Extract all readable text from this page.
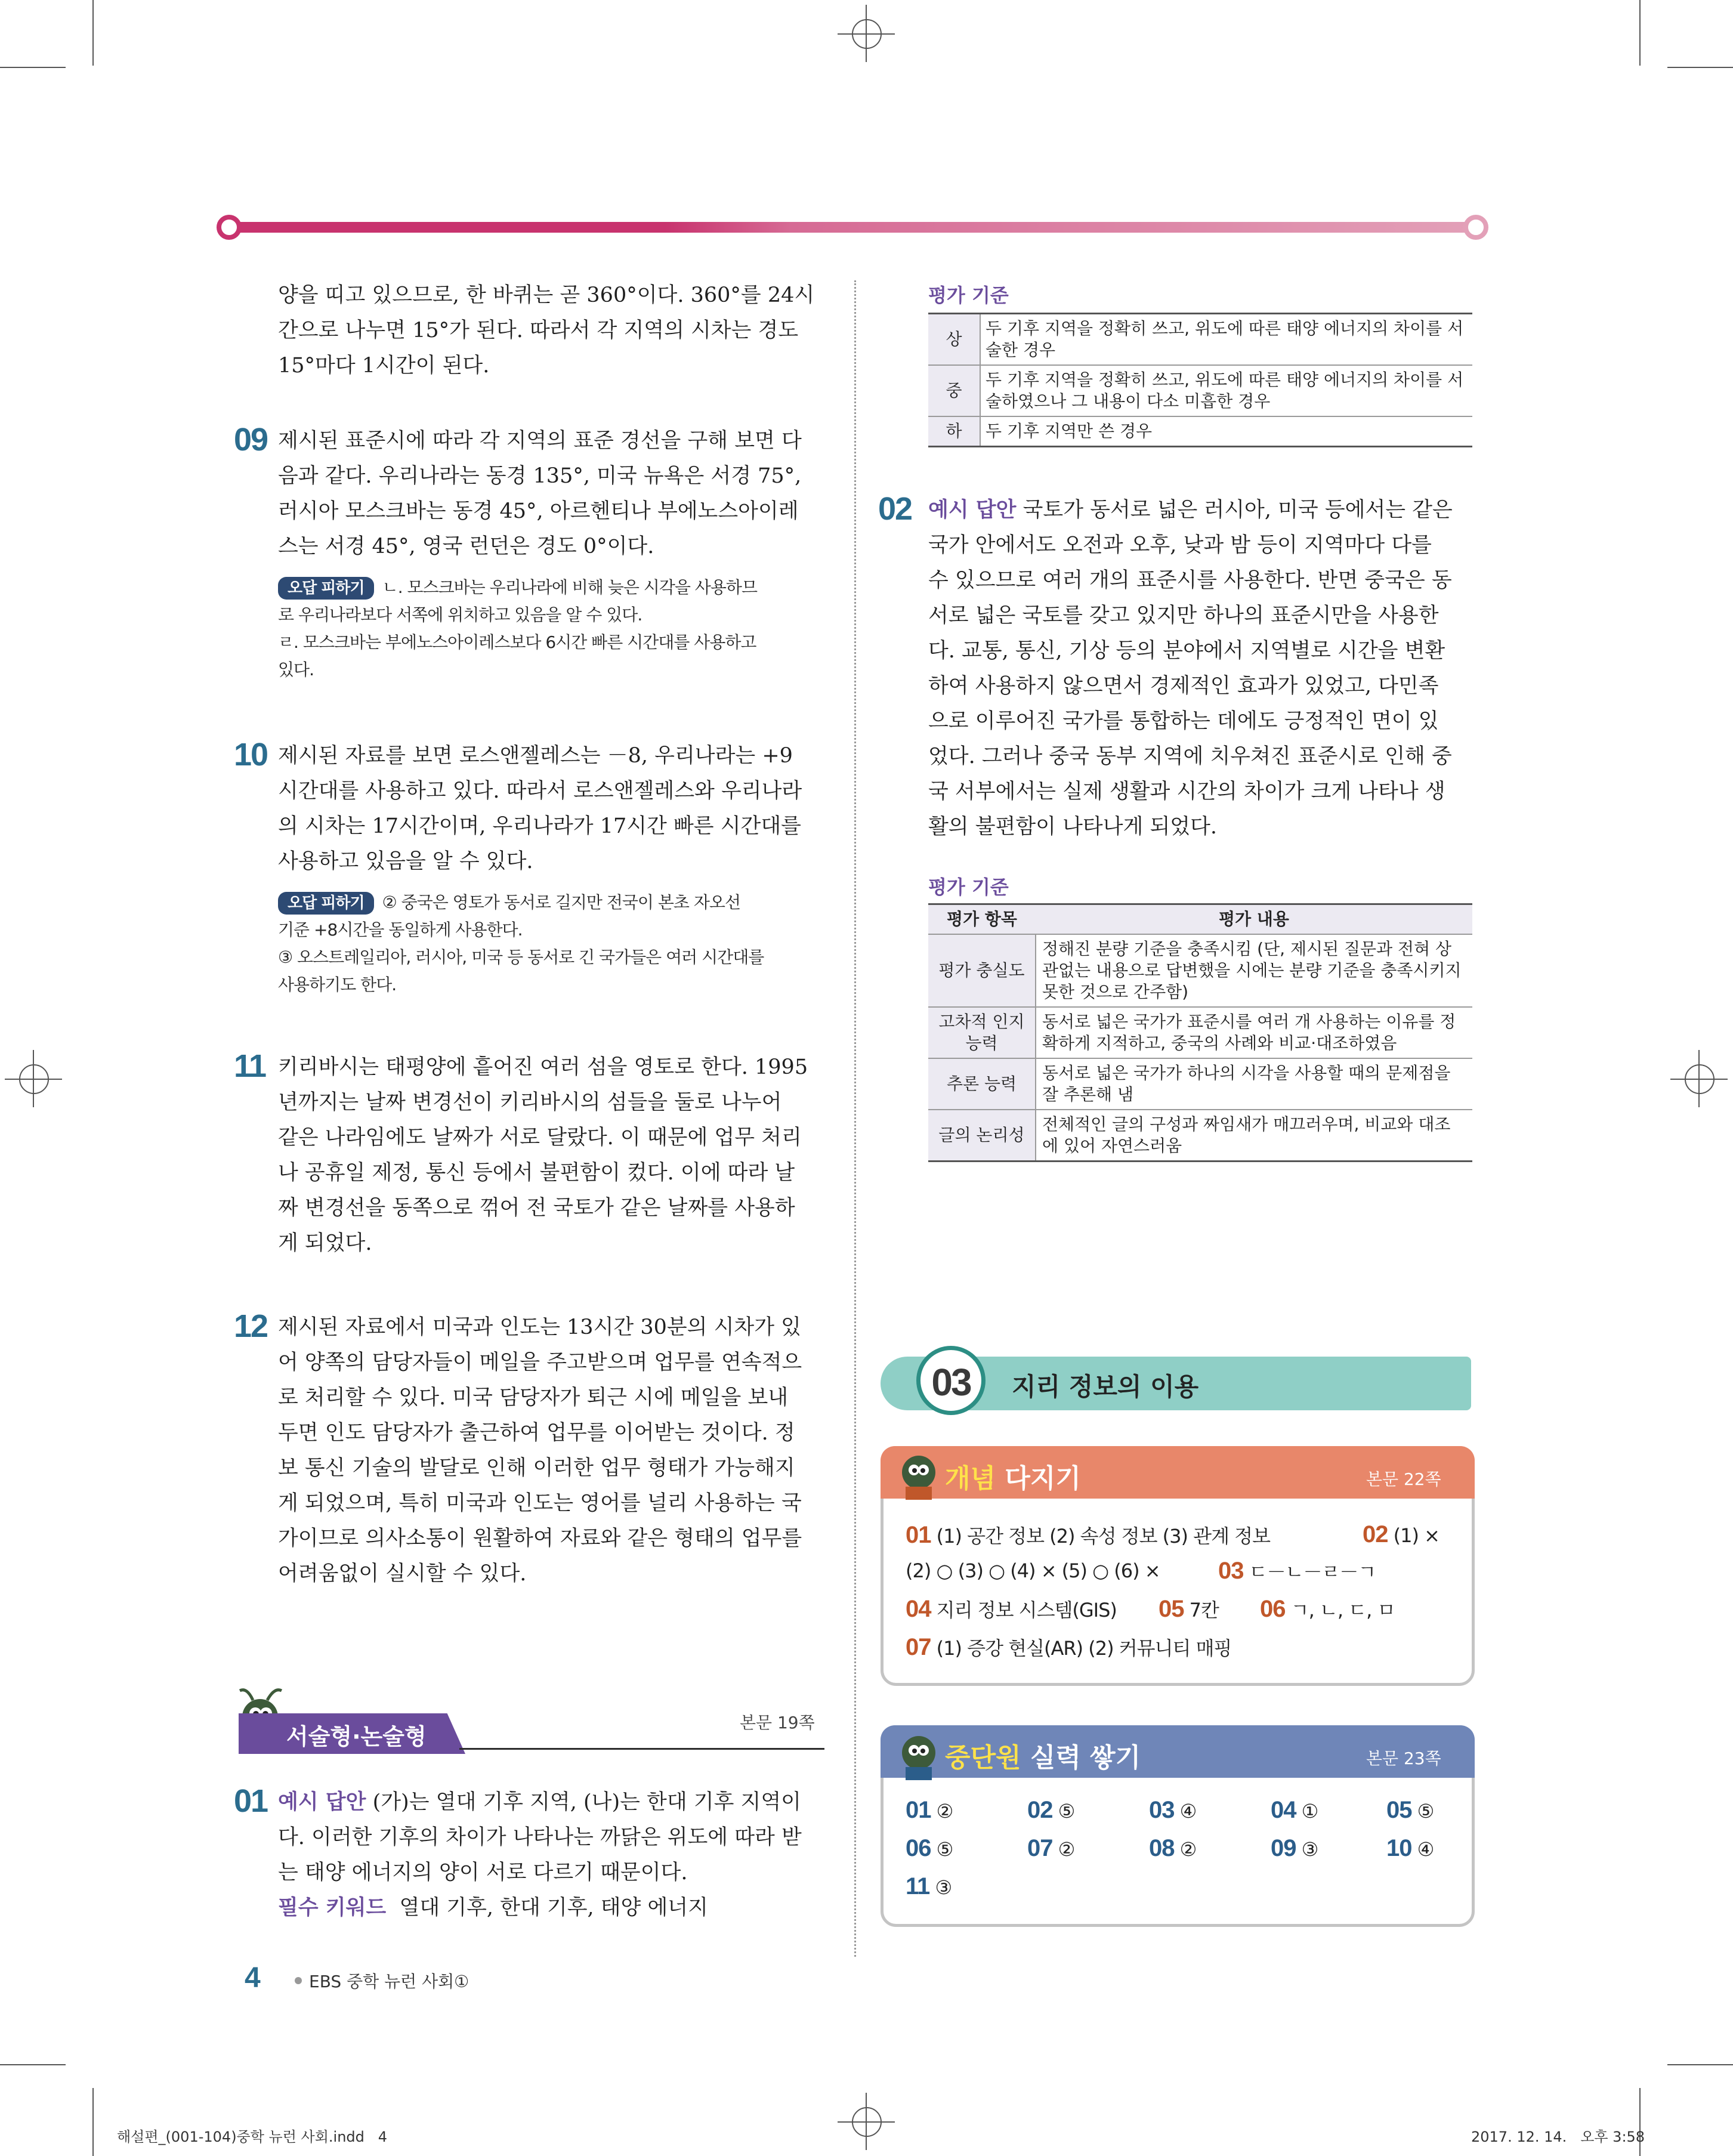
양을 띠고 있으므로, 한 바퀴는 곧 360°이다. 360°를 24시

간으로 나누면 15°가 된다. 따라서 각 지역의 시차는 경도

15°마다 1시간이 된다.

09 제시된 표준시에 따라 각 지역의 표준 경선을 구해 보면 다

음과 같다. 우리나라는 동경 135°, 미국 뉴욕은 서경 75°,

러시아 모스크바는 동경 45°, 아르헨티나 부에노스아이레

스는 서경 45°, 영국 런던은 경도 0°이다.

오답 피하기 ㄴ. 모스크바는 우리나라에 비해 늦은 시각을 사용하므

로 우리나라보다 서쪽에 위치하고 있음을 알 수 있다.

ㄹ. 모스크바는 부에노스아이레스보다 6시간 빠른 시간대를 사용하고

있다.

10 제시된 자료를 보면 로스앤젤레스는 －8, 우리나라는 +9

시간대를 사용하고 있다. 따라서 로스앤젤레스와 우리나라

의 시차는 17시간이며, 우리나라가 17시간 빠른 시간대를

사용하고 있음을 알 수 있다.

오답 피하기 ② 중국은 영토가 동서로 길지만 전국이 본초 자오선

기준 +8시간을 동일하게 사용한다.

③ 오스트레일리아, 러시아, 미국 등 동서로 긴 국가들은 여러 시간대를

사용하기도 한다.

11 키리바시는 태평양에 흩어진 여러 섬을 영토로 한다. 1995

년까지는 날짜 변경선이 키리바시의 섬들을 둘로 나누어

같은 나라임에도 날짜가 서로 달랐다. 이 때문에 업무 처리

나 공휴일 제정, 통신 등에서 불편함이 컸다. 이에 따라 날

짜 변경선을 동쪽으로 꺾어 전 국토가 같은 날짜를 사용하

게 되었다.

12 제시된 자료에서 미국과 인도는 13시간 30분의 시차가 있

어 양쪽의 담당자들이 메일을 주고받으며 업무를 연속적으

로 처리할 수 있다. 미국 담당자가 퇴근 시에 메일을 보내

두면 인도 담당자가 출근하여 업무를 이어받는 것이다. 정

보 통신 기술의 발달로 인해 이러한 업무 형태가 가능해지

게 되었으며, 특히 미국과 인도는 영어를 널리 사용하는 국

가이므로 의사소통이 원활하여 자료와 같은 형태의 업무를

어려움없이 실시할 수 있다.

서술형·논술형
본문 19쪽
01 예시 답안 (가)는 열대 기후 지역, (나)는 한대 기후 지역이

다. 이러한 기후의 차이가 나타나는 까닭은 위도에 따라 받

는 태양 에너지의 양이 서로 다르기 때문이다.

필수 키워드 열대 기후, 한대 기후, 태양 에너지

4	EBS 중학 뉴런 사회①
해설편_(001-104)중학 뉴런 사회.indd   4	2017. 12. 14.   오후 3:58
평가 기준
상	두 기후 지역을 정확히 쓰고, 위도에 따른 태양 에너지의 차이를 서술한 경우
중	두 기후 지역을 정확히 쓰고, 위도에 따른 태양 에너지의 차이를 서술하였으나 그 내용이 다소 미흡한 경우
하	두 기후 지역만 쓴 경우
02 예시 답안 국토가 동서로 넓은 러시아, 미국 등에서는 같은

국가 안에서도 오전과 오후, 낮과 밤 등이 지역마다 다를

수 있으므로 여러 개의 표준시를 사용한다. 반면 중국은 동

서로 넓은 국토를 갖고 있지만 하나의 표준시만을 사용한

다. 교통, 통신, 기상 등의 분야에서 지역별로 시간을 변환

하여 사용하지 않으면서 경제적인 효과가 있었고, 다민족

으로 이루어진 국가를 통합하는 데에도 긍정적인 면이 있

었다. 그러나 중국 동부 지역에 치우쳐진 표준시로 인해 중

국 서부에서는 실제 생활과 시간의 차이가 크게 나타나 생

활의 불편함이 나타나게 되었다.

평가 기준
평가 항목	평가 내용
평가 충실도	정해진 분량 기준을 충족시킴 (단, 제시된 질문과 전혀 상관없는 내용으로 답변했을 시에는 분량 기준을 충족시키지 못한 것으로 간주함)
고차적 인지 능력	동서로 넓은 국가가 표준시를 여러 개 사용하는 이유를 정확하게 지적하고, 중국의 사례와 비교·대조하였음
추론 능력	동서로 넓은 국가가 하나의 시각을 사용할 때의 문제점을 잘 추론해 냄
글의 논리성	전체적인 글의 구성과 짜임새가 매끄러우며, 비교와 대조에 있어 자연스러움
03	지리 정보의 이용
개념 다지기	본문 22쪽
01 (1) 공간 정보 (2) 속성 정보 (3) 관계 정보	02 (1) ×
(2) ○ (3) ○ (4) × (5) ○ (6) × 03 ㄷ－ㄴ－ㄹ－ㄱ
04 지리 정보 시스템(GIS) 05 7칸 06 ㄱ, ㄴ, ㄷ, ㅁ
07 (1) 증강 현실(AR) (2) 커뮤니티 매핑
중단원 실력 쌓기	본문 23쪽
01 ②	02 ⑤	03 ④	04 ①	05 ⑤
06 ⑤	07 ②	08 ②	09 ③	10 ④
11 ③
